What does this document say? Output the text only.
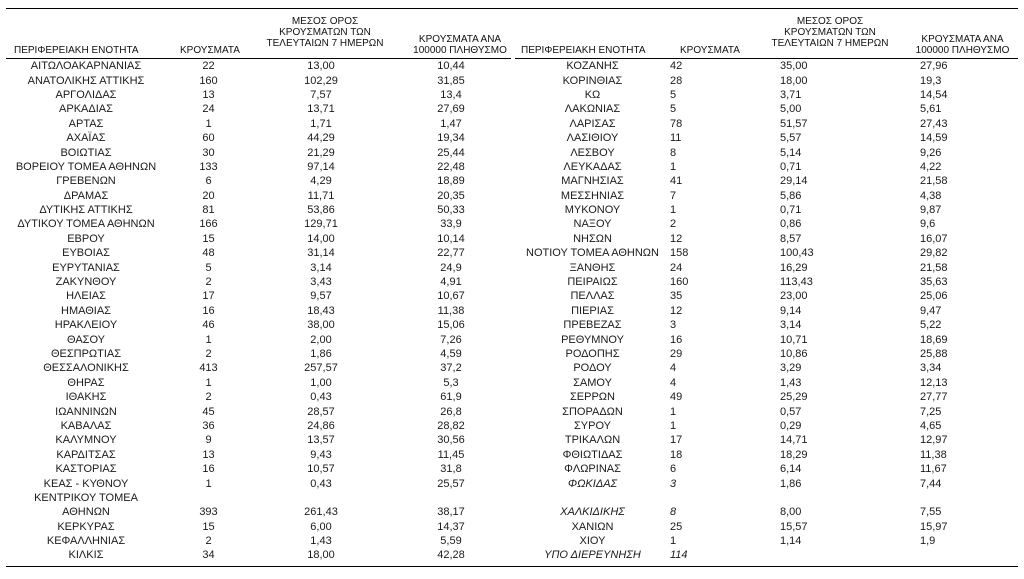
ΠΕΡΙΦΕΡΕΙΑΚΗ ΕΝΟΤΗΤΑ	ΚΡΟΥΣΜΑΤΑ
ΜΕΣΟΣ ΟΡΟΣ
ΚΡΟΥΣΜΑΤΩΝ ΤΩΝ
ΤΕΛΕΥΤΑΙΩΝ 7 ΗΜΕΡΩΝ	ΚΡΟΥΣΜΑΤΑ ΑΝΑ
100000 ΠΛΗΘΥΣΜΟ	ΠΕΡΙΦΕΡΕΙΑΚΗ ΕΝΟΤΗΤΑ	ΚΡΟΥΣΜΑΤΑ
ΜΕΣΟΣ ΟΡΟΣ
ΚΡΟΥΣΜΑΤΩΝ ΤΩΝ
ΤΕΛΕΥΤΑΙΩΝ 7 ΗΜΕΡΩΝ	ΚΡΟΥΣΜΑΤΑ ΑΝΑ
100000 ΠΛΗΘΥΣΜΟ
ΑΙΤΩΛΟΑΚΑΡΝΑΝΙΑΣ	22	13,00	10,44
ΑΝΑΤΟΛΙΚΗΣ ΑΤΤΙΚΗΣ	160	102,29	31,85
ΑΡΓΟΛΙΔΑΣ	13	7,57	13,4
ΑΡΚΑΔΙΑΣ	24	13,71	27,69
ΑΡΤΑΣ	1	1,71	1,47
ΑΧΑΪΑΣ	60	44,29	19,34
ΒΟΙΩΤΙΑΣ	30	21,29	25,44
ΒΟΡΕΙΟΥ ΤΟΜΕΑ ΑΘΗΝΩΝ	133	97,14	22,48
ΓΡΕΒΕΝΩΝ	6	4,29	18,89
ΔΡΑΜΑΣ	20	11,71	20,35
ΔΥΤΙΚΗΣ ΑΤΤΙΚΗΣ	81	53,86	50,33
ΔΥΤΙΚΟΥ ΤΟΜΕΑ ΑΘΗΝΩΝ	166	129,71	33,9
ΕΒΡΟΥ	15	14,00	10,14
ΕΥΒΟΙΑΣ	48	31,14	22,77
ΕΥΡΥΤΑΝΙΑΣ	5	3,14	24,9
ΖΑΚΥΝΘΟΥ	2	3,43	4,91
ΗΛΕΙΑΣ	17	9,57	10,67
ΗΜΑΘΙΑΣ	16	18,43	11,38
ΗΡΑΚΛΕΙΟΥ	46	38,00	15,06
ΘΑΣΟΥ	1	2,00	7,26
ΘΕΣΠΡΩΤΙΑΣ	2	1,86	4,59
ΘΕΣΣΑΛΟΝΙΚΗΣ	413	257,57	37,2
ΘΗΡΑΣ	1	1,00	5,3
ΙΘΑΚΗΣ	2	0,43	61,9
ΙΩΑΝΝΙΝΩΝ	45	28,57	26,8
ΚΑΒΑΛΑΣ	36	24,86	28,82
ΚΑΛΥΜΝΟΥ	9	13,57	30,56
ΚΑΡΔΙΤΣΑΣ	13	9,43	11,45
ΚΑΣΤΟΡΙΑΣ	16	10,57	31,8
ΚΕΑΣ - ΚΥΘΝΟΥ	1	0,43	25,57
ΚΕΝΤΡΙΚΟΥ ΤΟΜΕΑ			
ΑΘΗΝΩΝ	393	261,43	38,17
ΚΕΡΚΥΡΑΣ	15	6,00	14,37
ΚΕΦΑΛΛΗΝΙΑΣ	2	1,43	5,59
ΚΙΛΚΙΣ	34	18,00	42,28
ΚΟΖΑΝΗΣ	42	35,00	27,96
ΚΟΡΙΝΘΙΑΣ	28	18,00	19,3
ΚΩ	5	3,71	14,54
ΛΑΚΩΝΙΑΣ	5	5,00	5,61
ΛΑΡΙΣΑΣ	78	51,57	27,43
ΛΑΣΙΘΙΟΥ	11	5,57	14,59
ΛΕΣΒΟΥ	8	5,14	9,26
ΛΕΥΚΑΔΑΣ	1	0,71	4,22
ΜΑΓΝΗΣΙΑΣ	41	29,14	21,58
ΜΕΣΣΗΝΙΑΣ	7	5,86	4,38
ΜΥΚΟΝΟΥ	1	0,71	9,87
ΝΑΞΟΥ	2	0,86	9,6
ΝΗΣΩΝ	12	8,57	16,07
ΝΟΤΙΟΥ ΤΟΜΕΑ ΑΘΗΝΩΝ	158	100,43	29,82
ΞΑΝΘΗΣ	24	16,29	21,58
ΠΕΙΡΑΙΩΣ	160	113,43	35,63
ΠΕΛΛΑΣ	35	23,00	25,06
ΠΙΕΡΙΑΣ	12	9,14	9,47
ΠΡΕΒΕΖΑΣ	3	3,14	5,22
ΡΕΘΥΜΝΟΥ	16	10,71	18,69
ΡΟΔΟΠΗΣ	29	10,86	25,88
ΡΟΔΟΥ	4	3,29	3,34
ΣΑΜΟΥ	4	1,43	12,13
ΣΕΡΡΩΝ	49	25,29	27,77
ΣΠΟΡΑΔΩΝ	1	0,57	7,25
ΣΥΡΟΥ	1	0,29	4,65
ΤΡΙΚΑΛΩΝ	17	14,71	12,97
ΦΘΙΩΤΙΔΑΣ	18	18,29	11,38
ΦΛΩΡΙΝΑΣ	6	6,14	11,67
ΦΩΚΙΔΑΣ	3	1,86	7,44

ΧΑΛΚΙΔΙΚΗΣ	8	8,00	7,55
ΧΑΝΙΩΝ	25	15,57	15,97
ΧΙΟΥ	1	1,14	1,9
ΥΠΟ ΔΙΕΡΕΥΝΗΣΗ	114		
